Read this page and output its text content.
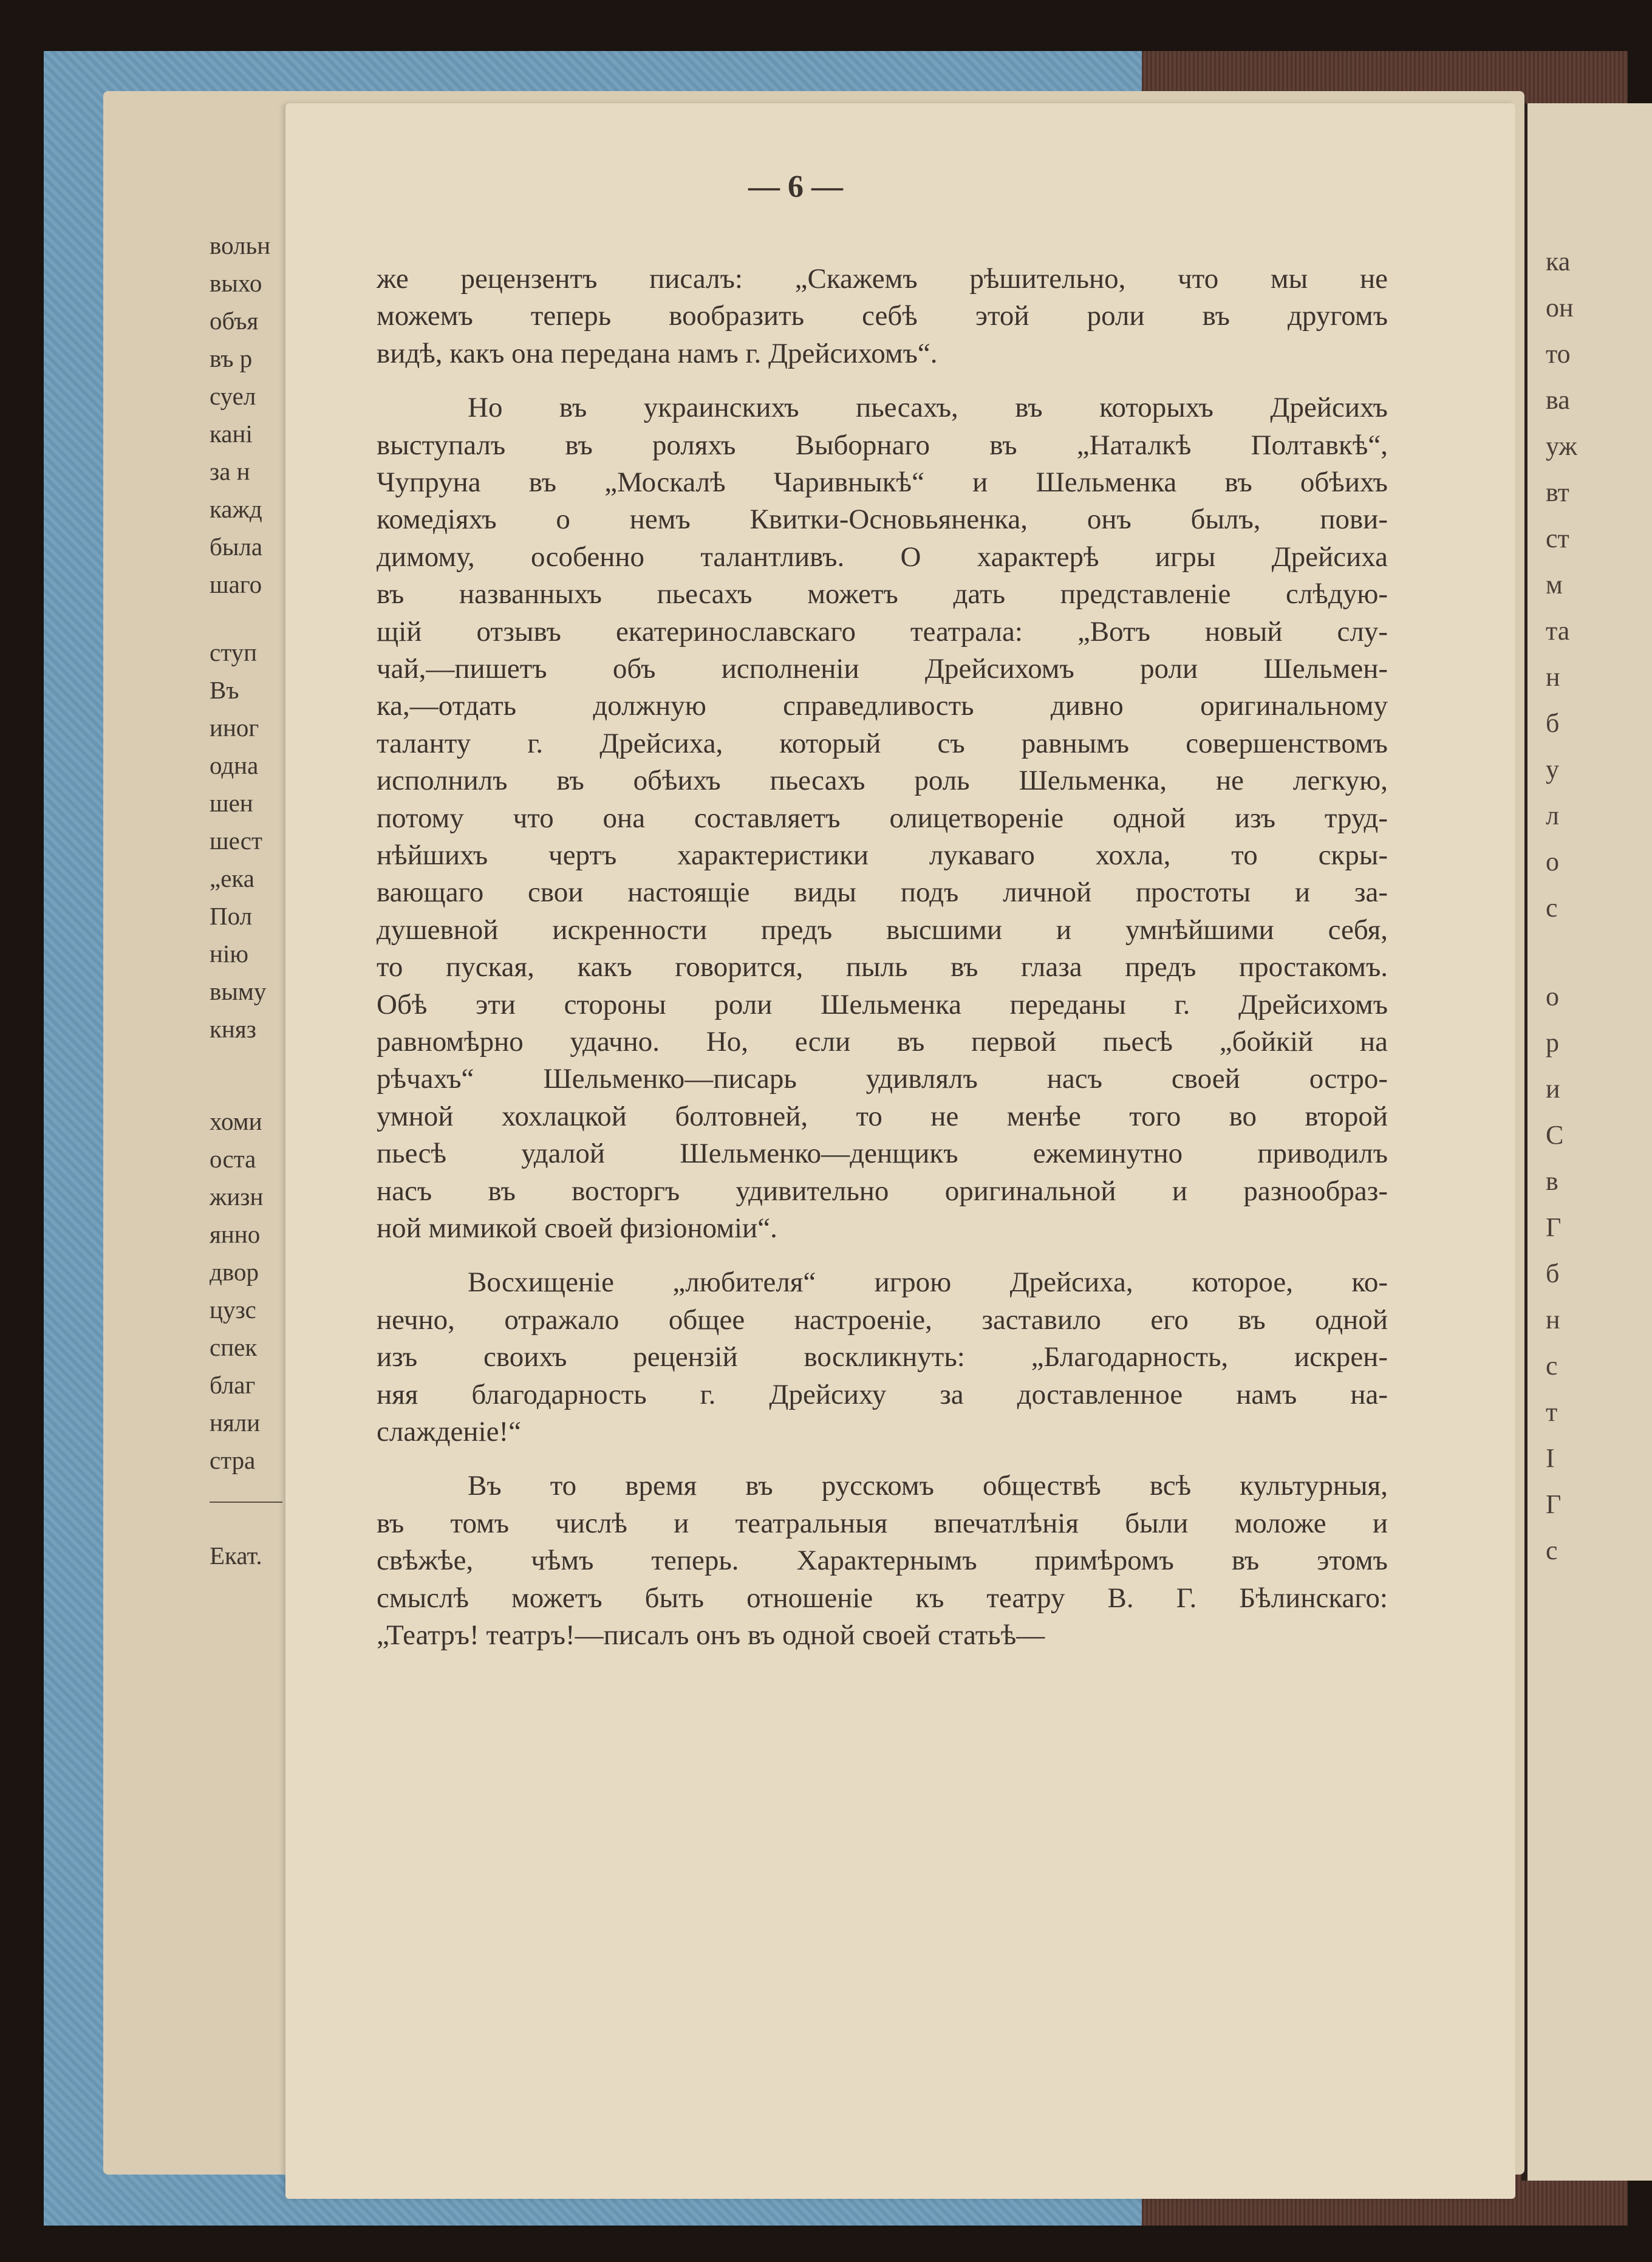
ка
он
то
ва
уж
вт
ст
м
та
н
б
у
л
о
с
о
р
и
С
в
Г
б
н
с
т
І
Г
с
вольн
выхо
объя
въ р
суел
кані
за н
кажд
была
шаго
ступ
Въ
иног
одна
шен
шест
„ека
Пол
нію
выму
княз
хоми
оста
жизн
янно
двор
цузс
спек
благ
няли
стра
Екат.
— 6 —
же рецензентъ писалъ: „Скажемъ рѣшительно, что мы не
можемъ теперь вообразить себѣ этой роли въ другомъ
видѣ, какъ она передана намъ г. Дрейсихомъ“.
Но въ украинскихъ пьесахъ, въ которыхъ Дрейсихъ
выступалъ въ роляхъ Выборнаго въ „Наталкѣ Полтавкѣ“,
Чупруна въ „Москалѣ Чаривныкѣ“ и Шельменка въ обѣихъ
комедіяхъ о немъ Квитки-Основьяненка, онъ былъ, пови-
димому, особенно талантливъ. О характерѣ игры Дрейсиха
въ названныхъ пьесахъ можетъ дать представленіе слѣдую-
щій отзывъ екатеринославскаго театрала: „Вотъ новый слу-
чай,—пишетъ объ исполненіи Дрейсихомъ роли Шельмен-
ка,—отдать должную справедливость дивно оригинальному
таланту г. Дрейсиха, который съ равнымъ совершенствомъ
исполнилъ въ обѣихъ пьесахъ роль Шельменка, не легкую,
потому что она составляетъ олицетвореніе одной изъ труд-
нѣйшихъ чертъ характеристики лукаваго хохла, то скры-
вающаго свои настоящіе виды подъ личной простоты и за-
душевной искренности предъ высшими и умнѣйшими себя,
то пуская, какъ говорится, пыль въ глаза предъ простакомъ.
Обѣ эти стороны роли Шельменка переданы г. Дрейсихомъ
равномѣрно удачно. Но, если въ первой пьесѣ „бойкій на
рѣчахъ“ Шельменко—писарь удивлялъ насъ своей остро-
умной хохлацкой болтовней, то не менѣе того во второй
пьесѣ удалой Шельменко—денщикъ ежеминутно приводилъ
насъ въ восторгъ удивительно оригинальной и разнообраз-
ной мимикой своей физіономіи“.
Восхищеніе „любителя“ игрою Дрейсиха, которое, ко-
нечно, отражало общее настроеніе, заставило его въ одной
изъ своихъ рецензій воскликнуть: „Благодарность, искрен-
няя благодарность г. Дрейсиху за доставленное намъ на-
слажденіе!“
Въ то время въ русскомъ обществѣ всѣ культурныя,
въ томъ числѣ и театральныя впечатлѣнія были моложе и
свѣжѣе, чѣмъ теперь. Характернымъ примѣромъ въ этомъ
смыслѣ можетъ быть отношеніе къ театру В. Г. Бѣлинскаго:
„Театръ! театръ!—писалъ онъ въ одной своей статьѣ—
